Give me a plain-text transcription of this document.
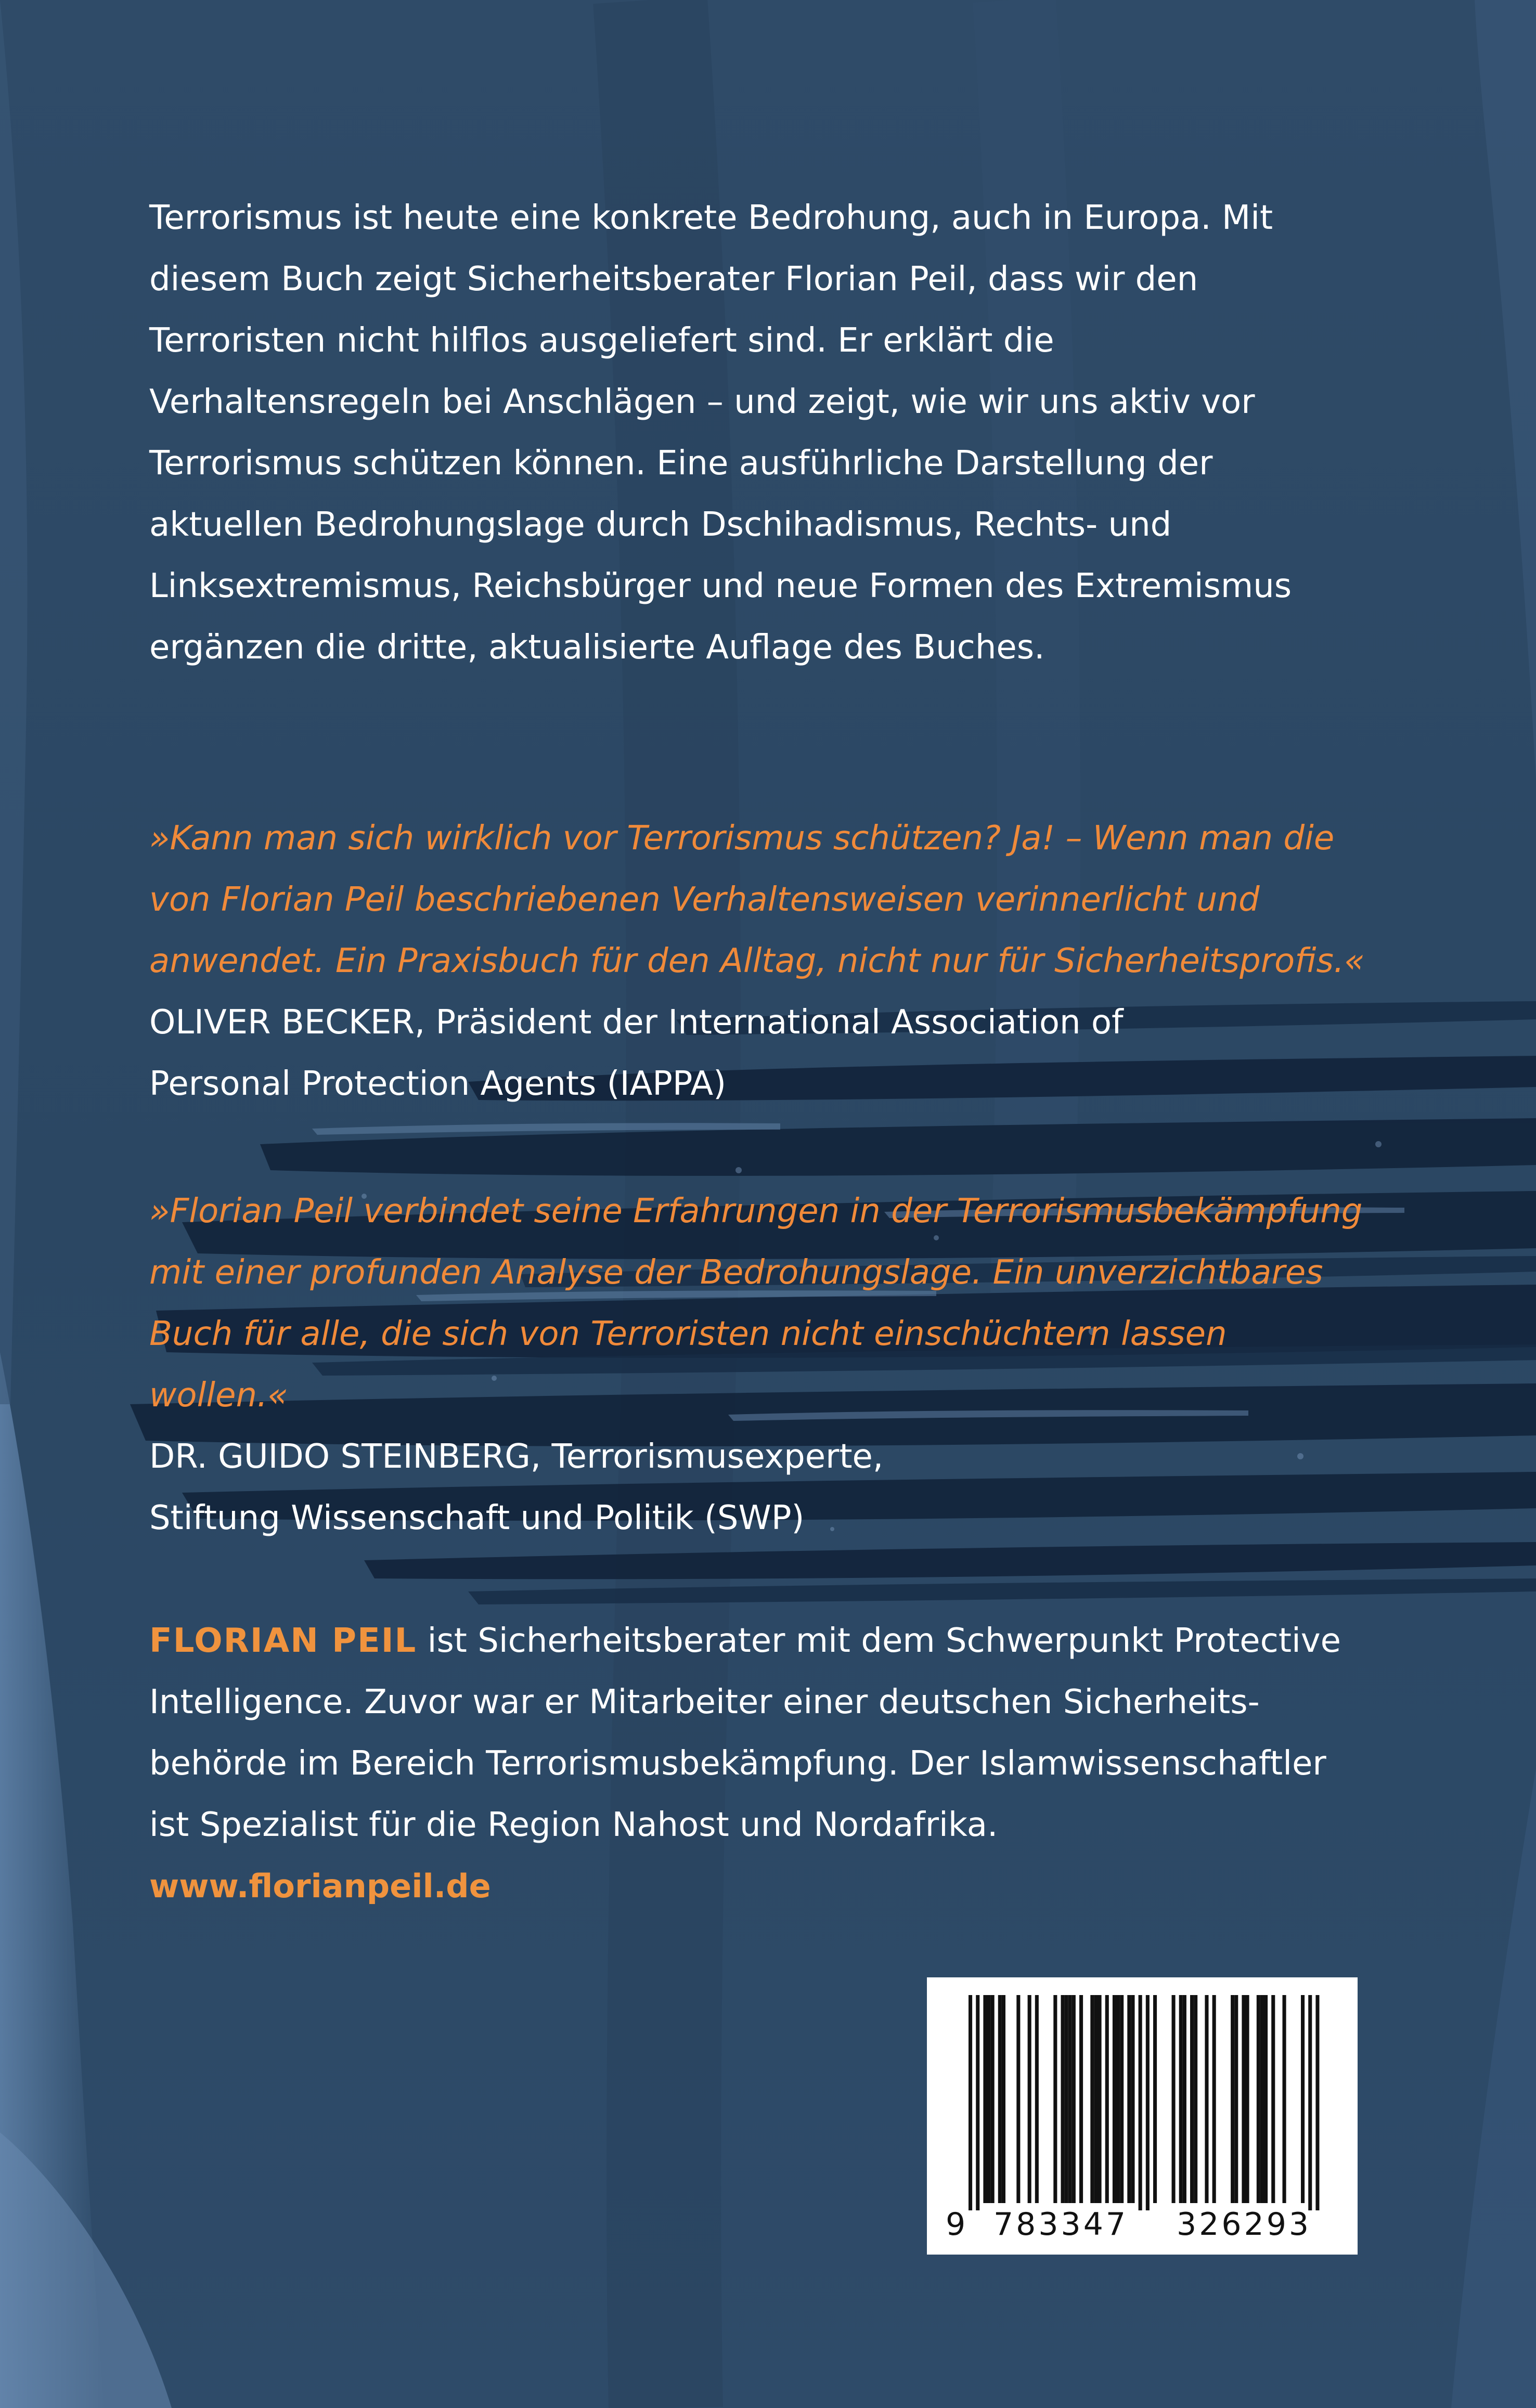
Terrorismus ist heute eine konkrete Bedrohung, auch in Europa. Mit diesem Buch zeigt Sicherheitsberater Florian Peil, dass wir den Terroristen nicht hilflos ausgeliefert sind. Er erklärt die Verhaltensregeln bei Anschlägen – und zeigt, wie wir uns aktiv vor Terrorismus schützen können. Eine ausführliche Darstellung der aktuellen Bedrohungslage durch Dschihadismus, Rechts- und Linksextremismus, Reichsbürger und neue Formen des Extremismus ergänzen die dritte, aktualisierte Auflage des Buches.

»Kann man sich wirklich vor Terrorismus schützen? Ja! – Wenn man die von Florian Peil beschriebenen Verhaltensweisen verinnerlicht und anwendet. Ein Praxisbuch für den Alltag, nicht nur für Sicherheitsprofis.«

OLIVER BECKER, Präsident der International Association of Personal Protection Agents (IAPPA)

»Florian Peil verbindet seine Erfahrungen in der Terrorismusbekämpfung mit einer profunden Analyse der Bedrohungslage. Ein unverzichtbares Buch für alle, die sich von Terroristen nicht einschüchtern lassen wollen.«

DR. GUIDO STEINBERG, Terrorismusexperte, Stiftung Wissenschaft und Politik (SWP)

FLORIAN PEIL ist Sicherheitsberater mit dem Schwerpunkt Protective Intelligence. Zuvor war er Mitarbeiter einer deutschen Sicherheitsbehörde im Bereich Terrorismusbekämpfung. Der Islamwissenschaftler ist Spezialist für die Region Nahost und Nordafrika.

www.florianpeil.de

9 783347 326293
